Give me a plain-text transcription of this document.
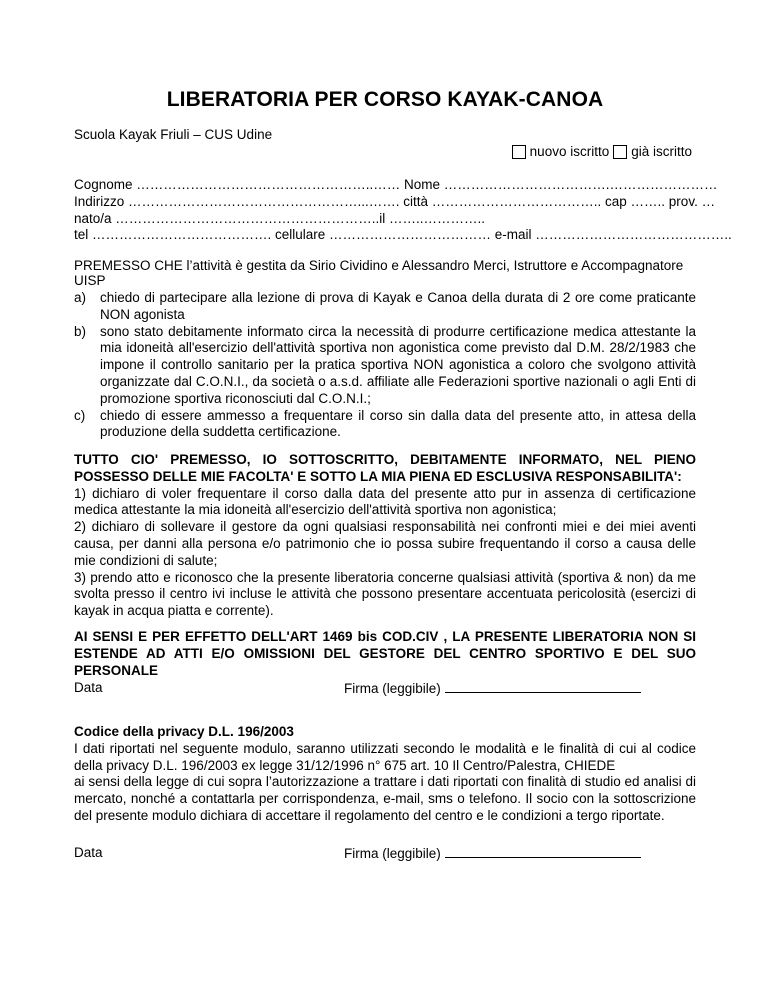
LIBERATORIA PER CORSO KAYAK-CANOA
Scuola Kayak Friuli – CUS Udine
nuovo iscritto già iscritto
Cognome ……………………………………………..…… Nome ……………………………….……………………
Indirizzo ……………………………………………...……. città ……………………………….. cap …….. prov. …
nato/a …………………………………………………..il ……..…………..
tel …………………………………. cellulare ……………………………… e-mail ……………………………………..
PREMESSO CHE l’attività è gestita da Sirio Cividino e Alessandro Merci, Istruttore e Accompagnatore UISP
a)	chiedo di partecipare alla lezione di prova di Kayak e Canoa della durata di 2 ore come praticante NON agonista
b)	sono stato debitamente informato circa la necessità di produrre certificazione medica attestante la mia idoneità all'esercizio dell'attività sportiva non agonistica come previsto dal D.M. 28/2/1983 che impone il controllo sanitario per la pratica sportiva NON agonistica a coloro che svolgono attività organizzate dal C.O.N.I., da società o a.s.d. affiliate alle Federazioni sportive nazionali o agli Enti di promozione sportiva riconosciuti dal C.O.N.I.;
c)	chiedo di essere ammesso a frequentare il corso sin dalla data del presente atto, in attesa della produzione della suddetta certificazione.
TUTTO CIO' PREMESSO, IO SOTTOSCRITTO, DEBITAMENTE INFORMATO, NEL PIENO POSSESSO DELLE MIE FACOLTA' E SOTTO LA MIA PIENA ED ESCLUSIVA RESPONSABILITA':
1) dichiaro di voler frequentare il corso dalla data del presente atto pur in assenza di certificazione medica attestante la mia idoneità all'esercizio dell'attività sportiva non agonistica;
2) dichiaro di sollevare il gestore da ogni qualsiasi responsabilità nei confronti miei e dei miei aventi causa, per danni alla persona e/o patrimonio che io possa subire frequentando il corso a causa delle mie condizioni di salute;
3) prendo atto e riconosco che la presente liberatoria concerne qualsiasi attività (sportiva & non) da me svolta presso il centro ivi incluse le attività che possono presentare accentuata pericolosità (esercizi di kayak in acqua piatta e corrente).
AI SENSI E PER EFFETTO DELL'ART 1469 bis COD.CIV , LA PRESENTE LIBERATORIA NON SI ESTENDE AD ATTI E/O OMISSIONI DEL GESTORE DEL CENTRO SPORTIVO E DEL SUO PERSONALE
Data	Firma (leggibile)
Codice della privacy D.L. 196/2003
I dati riportati nel seguente modulo, saranno utilizzati secondo le modalità e le finalità di cui al codice della privacy D.L. 196/2003 ex legge 31/12/1996 n° 675 art. 10 Il Centro/Palestra, CHIEDE
ai sensi della legge di cui sopra l’autorizzazione a trattare i dati riportati con finalità di studio ed analisi di mercato, nonché a contattarla per corrispondenza, e-mail, sms o telefono. Il socio con la sottoscrizione del presente modulo dichiara di accettare il regolamento del centro e le condizioni a tergo riportate.
Data	Firma (leggibile)
